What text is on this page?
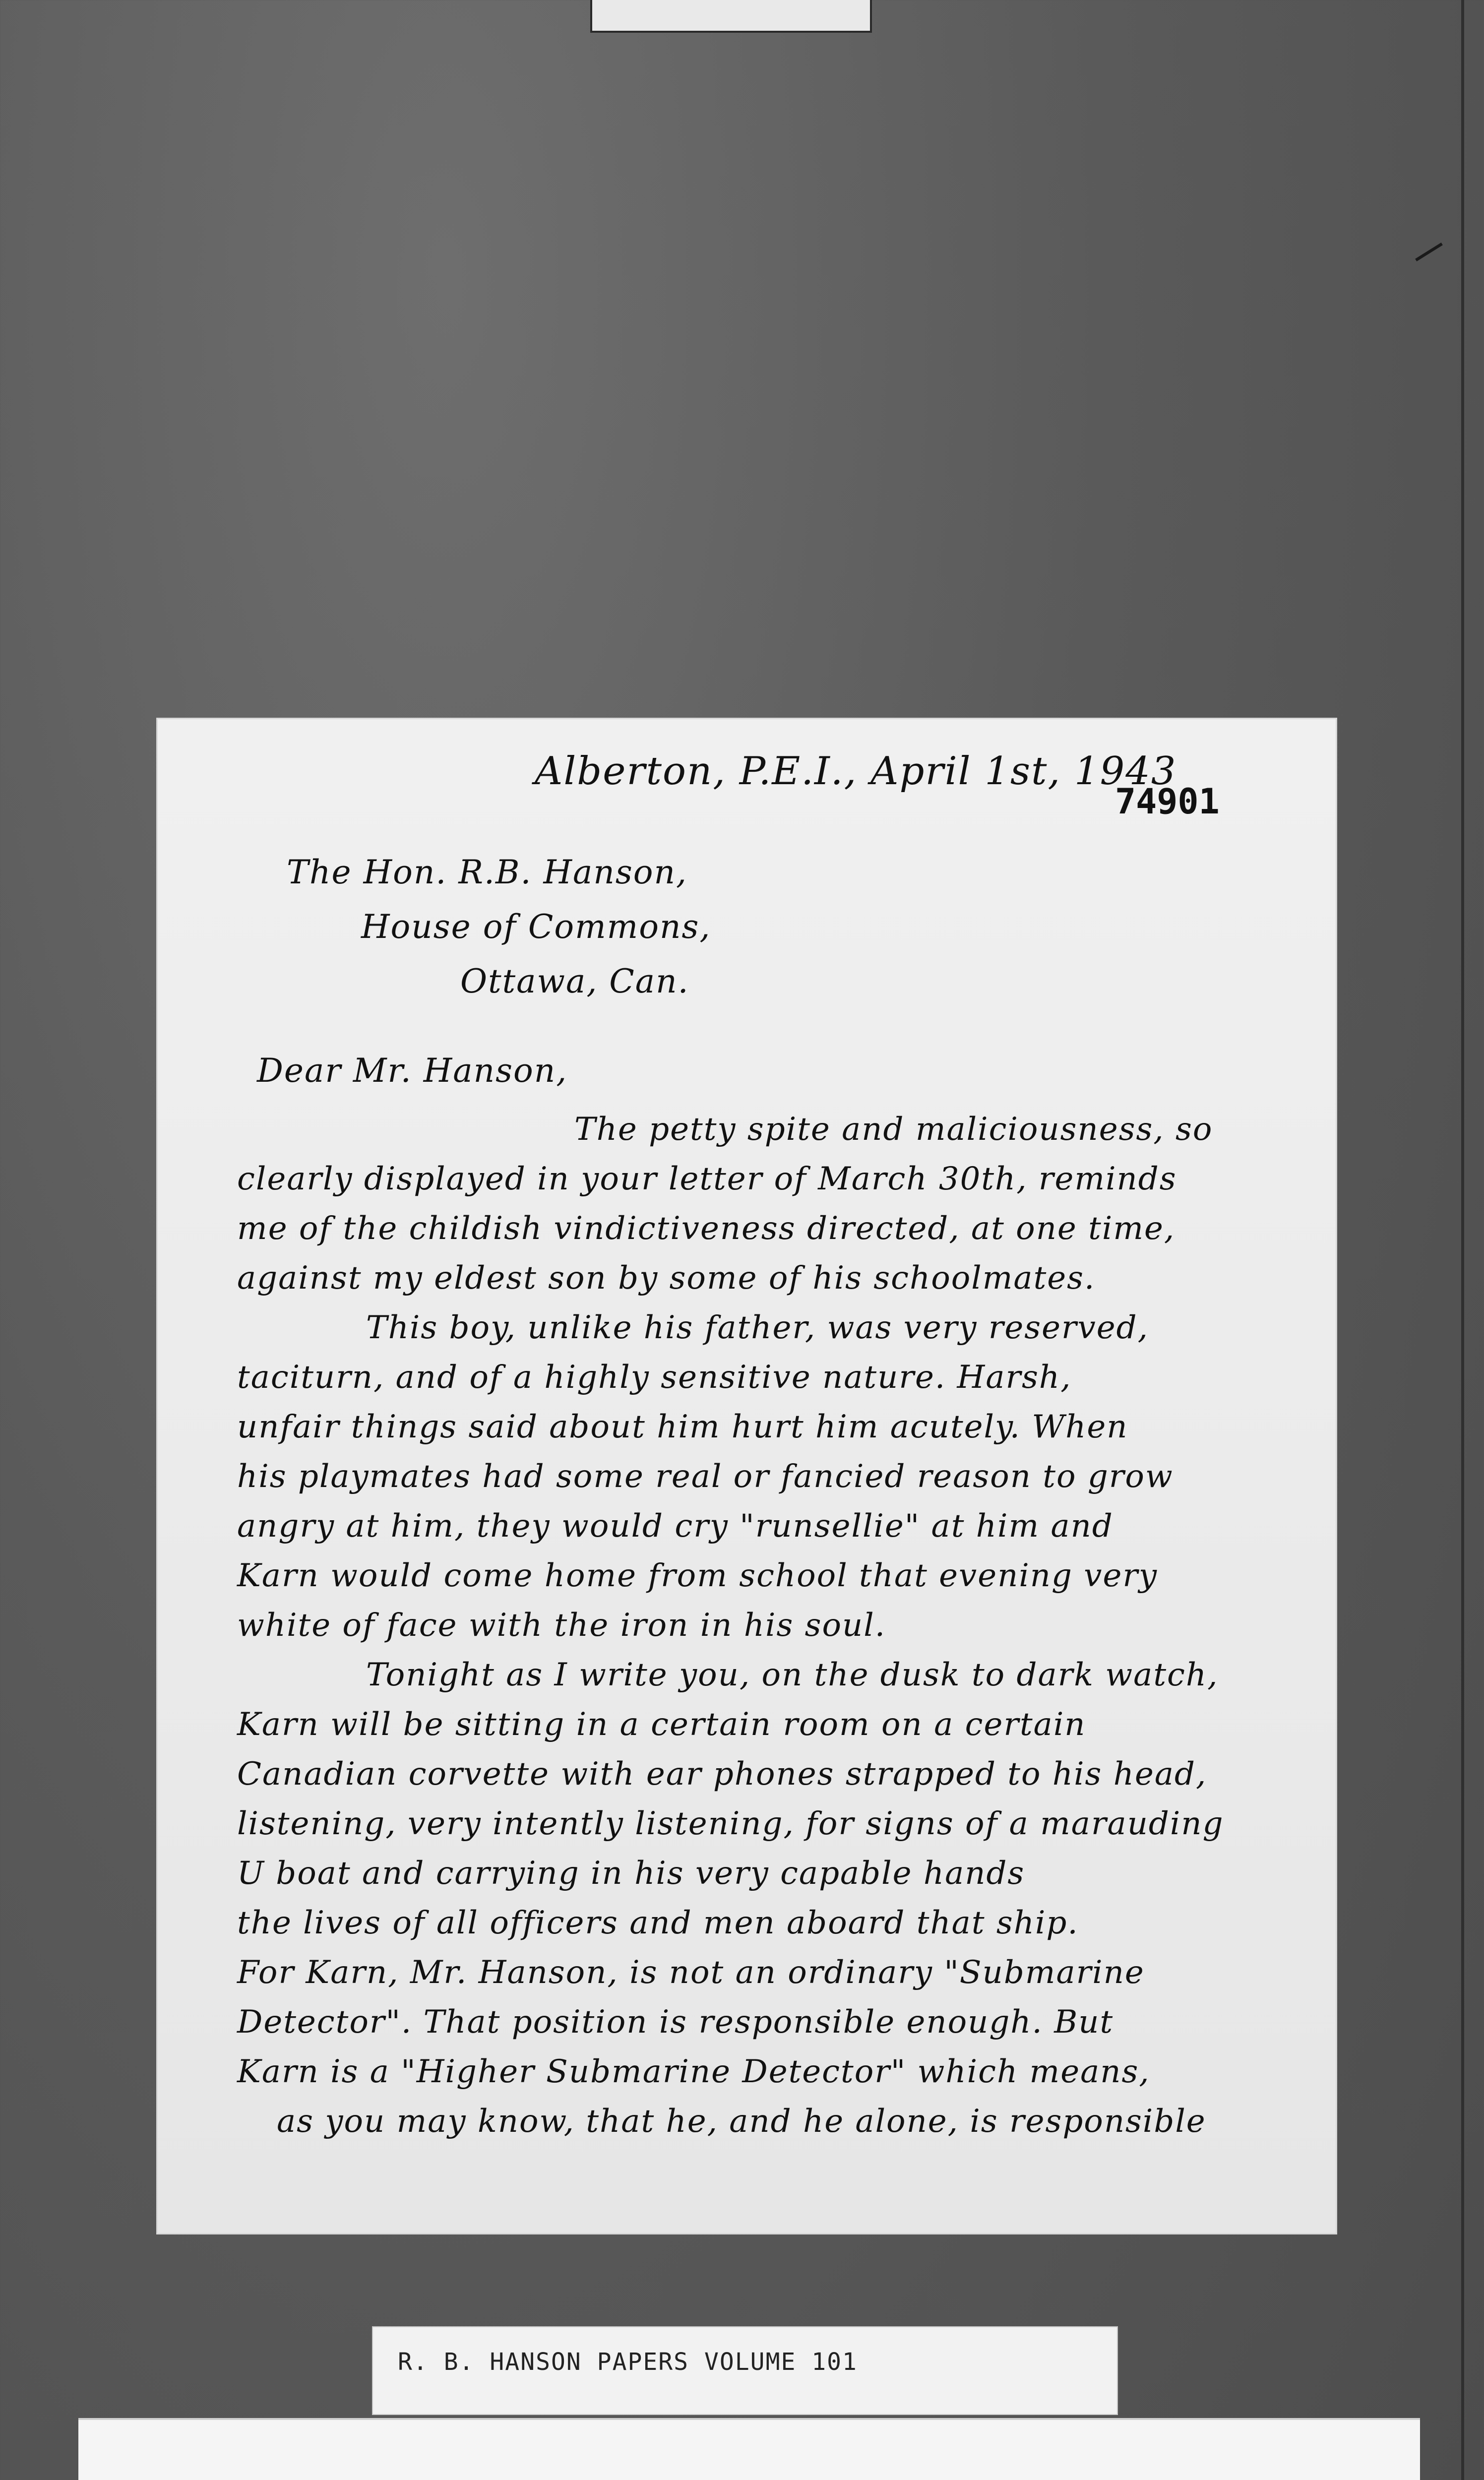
Alberton, P.E.I., April 1st, 1943
74901
The Hon. R.B. Hanson,
House of Commons,
Ottawa, Can.
Dear Mr. Hanson,
The petty spite and maliciousness, so
clearly displayed in your letter of March 30th, reminds
me of the childish vindictiveness directed, at one time,
against my eldest son by some of his schoolmates.
This boy, unlike his father, was very reserved,
taciturn, and of a highly sensitive nature. Harsh,
unfair things said about him hurt him acutely. When
his playmates had some real or fancied reason to grow
angry at him, they would cry "runsellie" at him and
Karn would come home from school that evening very
white of face with the iron in his soul.
Tonight as I write you, on the dusk to dark watch,
Karn will be sitting in a certain room on a certain
Canadian corvette with ear phones strapped to his head,
listening, very intently listening, for signs of a marauding
U boat and carrying in his very capable hands
the lives of all officers and men aboard that ship.
For Karn, Mr. Hanson, is not an ordinary "Submarine
Detector". That position is responsible enough. But
Karn is a "Higher Submarine Detector" which means,
as you may know, that he, and he alone, is responsible
R. B. HANSON PAPERS VOLUME 101
